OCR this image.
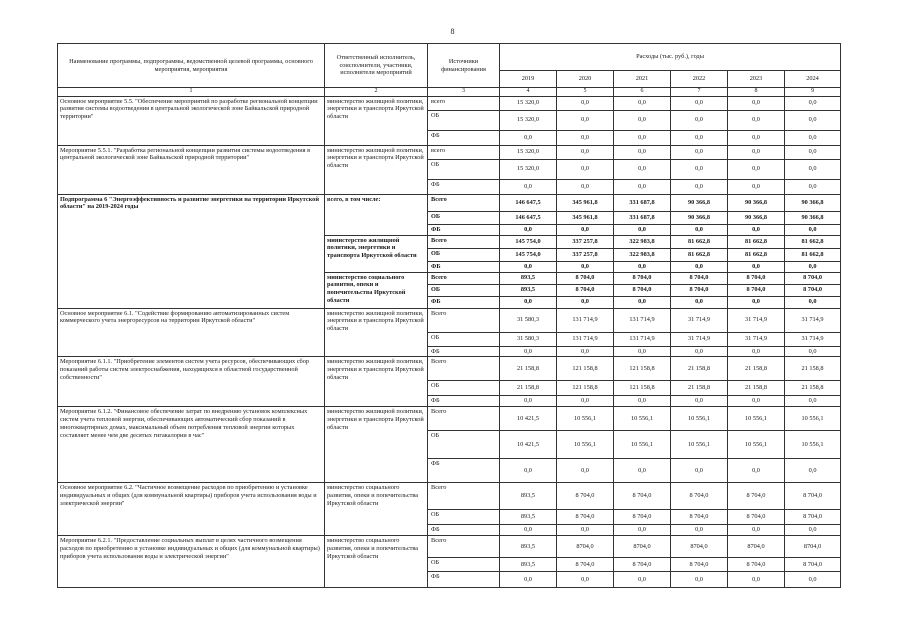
8
Наименование программы, подпрограммы, ведомственной целевой программы, основного мероприятия, мероприятия	Ответственный исполнитель, соисполнители, участники, исполнители мероприятий	Источники финансирования	Расходы (тыс. руб.), годы					
			2019	2020	2021	2022	2023	2024
1	2	3	4	5	6	7	8	9
Основное мероприятие 5.5. "Обеспечение мероприятий по разработке региональной концепции развития системы водоотведения в центральной экологической зоне Байкальской природной территории"	министерство жилищной политики, энергетики и транспорта Иркутской области	всего	15 320,0	0,0	0,0	0,0	0,0	0,0
		ОБ	15 320,0	0,0	0,0	0,0	0,0	0,0
		ФБ	0,0	0,0	0,0	0,0	0,0	0,0
Мероприятие 5.5.1. "Разработка региональной концепции развития системы водоотведения в центральной экологической зоне Байкальской природной территории"	министерство жилищной политики, энергетики и транспорта Иркутской области	всего	15 320,0	0,0	0,0	0,0	0,0	0,0
		ОБ	15 320,0	0,0	0,0	0,0	0,0	0,0
		ФБ	0,0	0,0	0,0	0,0	0,0	0,0
Подпрограмма 6 "Энергоэффективность и развитие энергетики на территории Иркутской области" на 2019-2024 годы	всего, в том числе:	Всего	146 647,5	345 961,8	331 687,8	90 366,8	90 366,8	90 366,8
		ОБ	146 647,5	345 961,8	331 687,8	90 366,8	90 366,8	90 366,8
		ФБ	0,0	0,0	0,0	0,0	0,0	0,0
	министерство жилищной политики, энергетики и транспорта Иркутской области	Всего	145 754,0	337 257,8	322 983,8	81 662,8	81 662,8	81 662,8
		ОБ	145 754,0	337 257,8	322 983,8	81 662,8	81 662,8	81 662,8
		ФБ	0,0	0,0	0,0	0,0	0,0	0,0
	министерство социального развития, опеки и попечительства Иркутской области	Всего	893,5	8 704,0	8 704,0	8 704,0	8 704,0	8 704,0
		ОБ	893,5	8 704,0	8 704,0	8 704,0	8 704,0	8 704,0
		ФБ	0,0	0,0	0,0	0,0	0,0	0,0
Основное мероприятие 6.1. "Содействие формированию автоматизированных систем коммерческого учета энергоресурсов на территории Иркутской области"	министерство жилищной политики, энергетики и транспорта Иркутской области	Всего	31 580,3	131 714,9	131 714,9	31 714,9	31 714,9	31 714,9
		ОБ	31 580,3	131 714,9	131 714,9	31 714,9	31 714,9	31 714,9
		ФБ	0,0	0,0	0,0	0,0	0,0	0,0
Мероприятие 6.1.1. "Приобретение элементов систем учета ресурсов, обеспечивающих сбор показаний работы систем электроснабжения, находящихся в областной государственной собственности"	министерство жилищной политики, энергетики и транспорта Иркутской области	Всего	21 158,8	121 158,8	121 158,8	21 158,8	21 158,8	21 158,8
		ОБ	21 158,8	121 158,8	121 158,8	21 158,8	21 158,8	21 158,8
		ФБ	0,0	0,0	0,0	0,0	0,0	0,0
Мероприятие 6.1.2. "Финансовое обеспечение затрат по внедрению установок комплексных систем учета тепловой энергии, обеспечивающих автоматический сбор показаний в многоквартирных домах, максимальный объем потребления тепловой энергии которых составляет менее чем две десятых гигакалории в час"	министерство жилищной политики, энергетики и транспорта Иркутской области	Всего	10 421,5	10 556,1	10 556,1	10 556,1	10 556,1	10 556,1
		ОБ	10 421,5	10 556,1	10 556,1	10 556,1	10 556,1	10 556,1
		ФБ	0,0	0,0	0,0	0,0	0,0	0,0
Основное мероприятие 6.2. "Частичное возмещение расходов по приобретению и установке индивидуальных и общих (для коммунальной квартиры) приборов учета использования воды и электрической энергии"	министерство социального развития, опеки и попечительства Иркутской области	Всего	893,5	8 704,0	8 704,0	8 704,0	8 704,0	8 704,0
		ОБ	893,5	8 704,0	8 704,0	8 704,0	8 704,0	8 704,0
		ФБ	0,0	0,0	0,0	0,0	0,0	0,0
Мероприятие 6.2.1. "Предоставление социальных выплат в целях частичного возмещения расходов по приобретению и установке индивидуальных и общих (для коммунальной квартиры) приборов учета использования воды и электрической энергии"	министерство социального развития, опеки и попечительства Иркутской области	Всего	893,5	8704,0	8704,0	8704,0	8704,0	8704,0
		ОБ	893,5	8 704,0	8 704,0	8 704,0	8 704,0	8 704,0
		ФБ	0,0	0,0	0,0	0,0	0,0	0,0
